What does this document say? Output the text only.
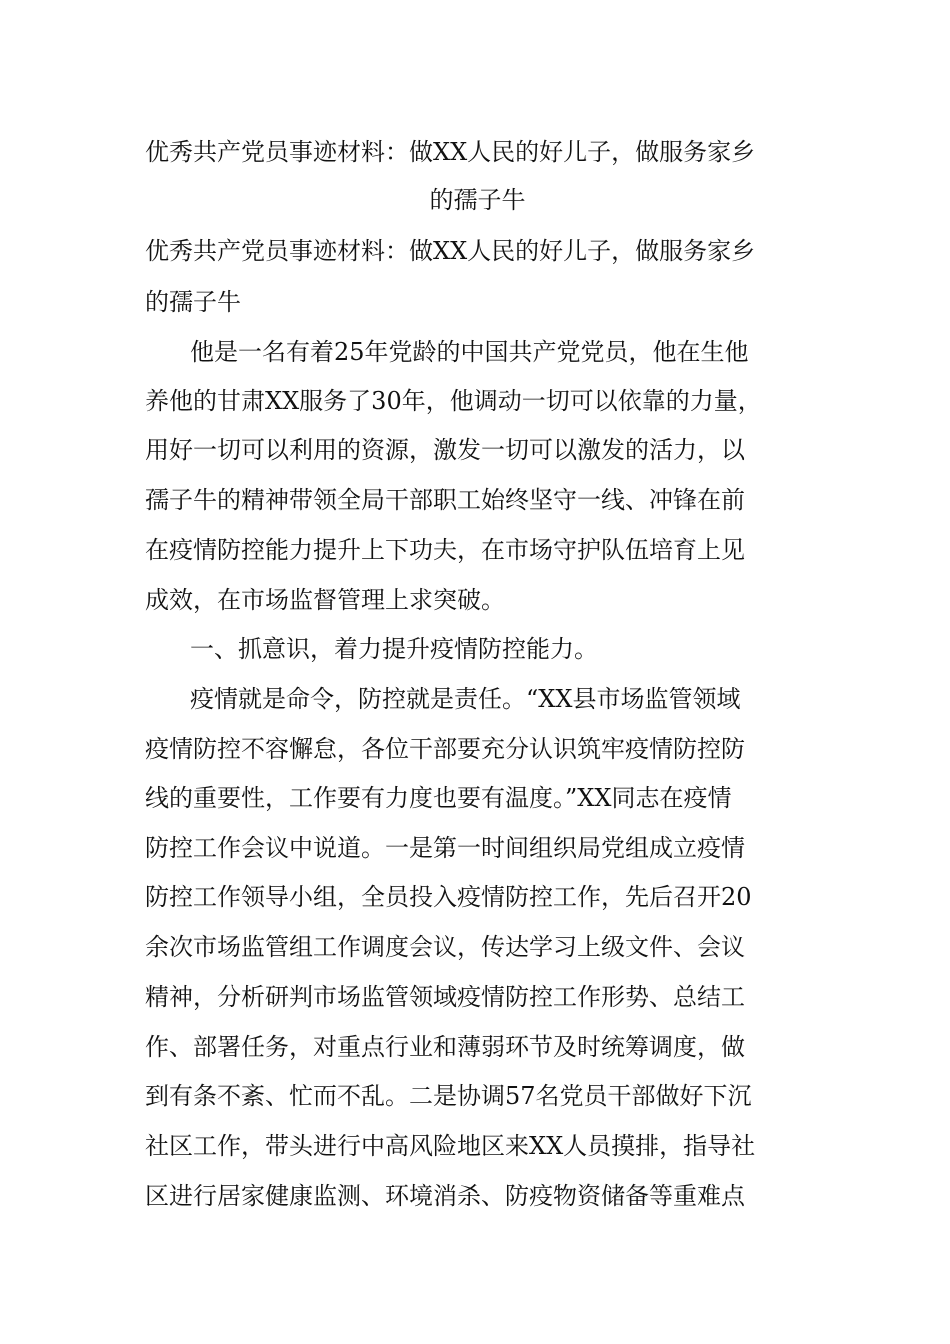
优秀共产党员事迹材料：做XX人民的好儿子，做服务家乡
的孺子牛
优秀共产党员事迹材料：做XX人民的好儿子，做服务家乡
的孺子牛
他是一名有着25年党龄的中国共产党党员，他在生他
养他的甘肃XX服务了30年，他调动一切可以依靠的力量，
用好一切可以利用的资源，激发一切可以激发的活力，以
孺子牛的精神带领全局干部职工始终坚守一线、冲锋在前
在疫情防控能力提升上下功夫，在市场守护队伍培育上见
成效，在市场监督管理上求突破。
一、抓意识，着力提升疫情防控能力。
疫情就是命令，防控就是责任。“XX县市场监管领域
疫情防控不容懈怠，各位干部要充分认识筑牢疫情防控防
线的重要性，工作要有力度也要有温度。”XX同志在疫情
防控工作会议中说道。一是第一时间组织局党组成立疫情
防控工作领导小组，全员投入疫情防控工作，先后召开20
余次市场监管组工作调度会议，传达学习上级文件、会议
精神，分析研判市场监管领域疫情防控工作形势、总结工
作、部署任务，对重点行业和薄弱环节及时统筹调度，做
到有条不紊、忙而不乱。二是协调57名党员干部做好下沉
社区工作，带头进行中高风险地区来XX人员摸排，指导社
区进行居家健康监测、环境消杀、防疫物资储备等重难点
